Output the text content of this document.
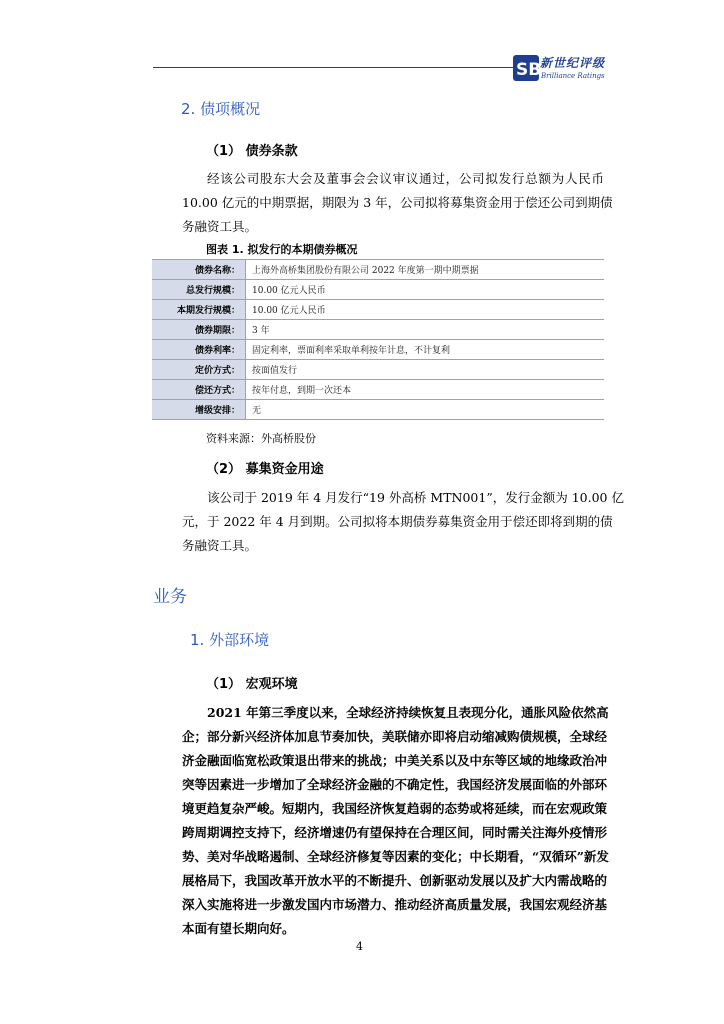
SB
新世纪评级
Brilliance Ratings
2. 债项概况
（1） 债券条款
经该公司股东大会及董事会会议审议通过，公司拟发行总额为人民币
10.00 亿元的中期票据，期限为 3 年，公司拟将募集资金用于偿还公司到期债
务融资工具。
图表 1. 拟发行的本期债券概况
债券名称：	上海外高桥集团股份有限公司 2022 年度第一期中期票据
总发行规模：	10.00 亿元人民币
本期发行规模：	10.00 亿元人民币
债券期限：	3 年
债券利率：	固定利率，票面利率采取单利按年计息，不计复利
定价方式：	按面值发行
偿还方式：	按年付息，到期一次还本
增级安排：	无
资料来源：外高桥股份
（2） 募集资金用途
该公司于 2019 年 4 月发行“19 外高桥 MTN001”，发行金额为 10.00 亿
元，于 2022 年 4 月到期。公司拟将本期债券募集资金用于偿还即将到期的债
务融资工具。
业务
1. 外部环境
（1） 宏观环境
2021 年第三季度以来，全球经济持续恢复且表现分化，通胀风险依然高
企；部分新兴经济体加息节奏加快，美联储亦即将启动缩减购债规模，全球经
济金融面临宽松政策退出带来的挑战；中美关系以及中东等区域的地缘政治冲
突等因素进一步增加了全球经济金融的不确定性，我国经济发展面临的外部环
境更趋复杂严峻。短期内，我国经济恢复趋弱的态势或将延续，而在宏观政策
跨周期调控支持下，经济增速仍有望保持在合理区间，同时需关注海外疫情形
势、美对华战略遏制、全球经济修复等因素的变化；中长期看，“双循环”新发
展格局下，我国改革开放水平的不断提升、创新驱动发展以及扩大内需战略的
深入实施将进一步激发国内市场潜力、推动经济高质量发展，我国宏观经济基
本面有望长期向好。
4
